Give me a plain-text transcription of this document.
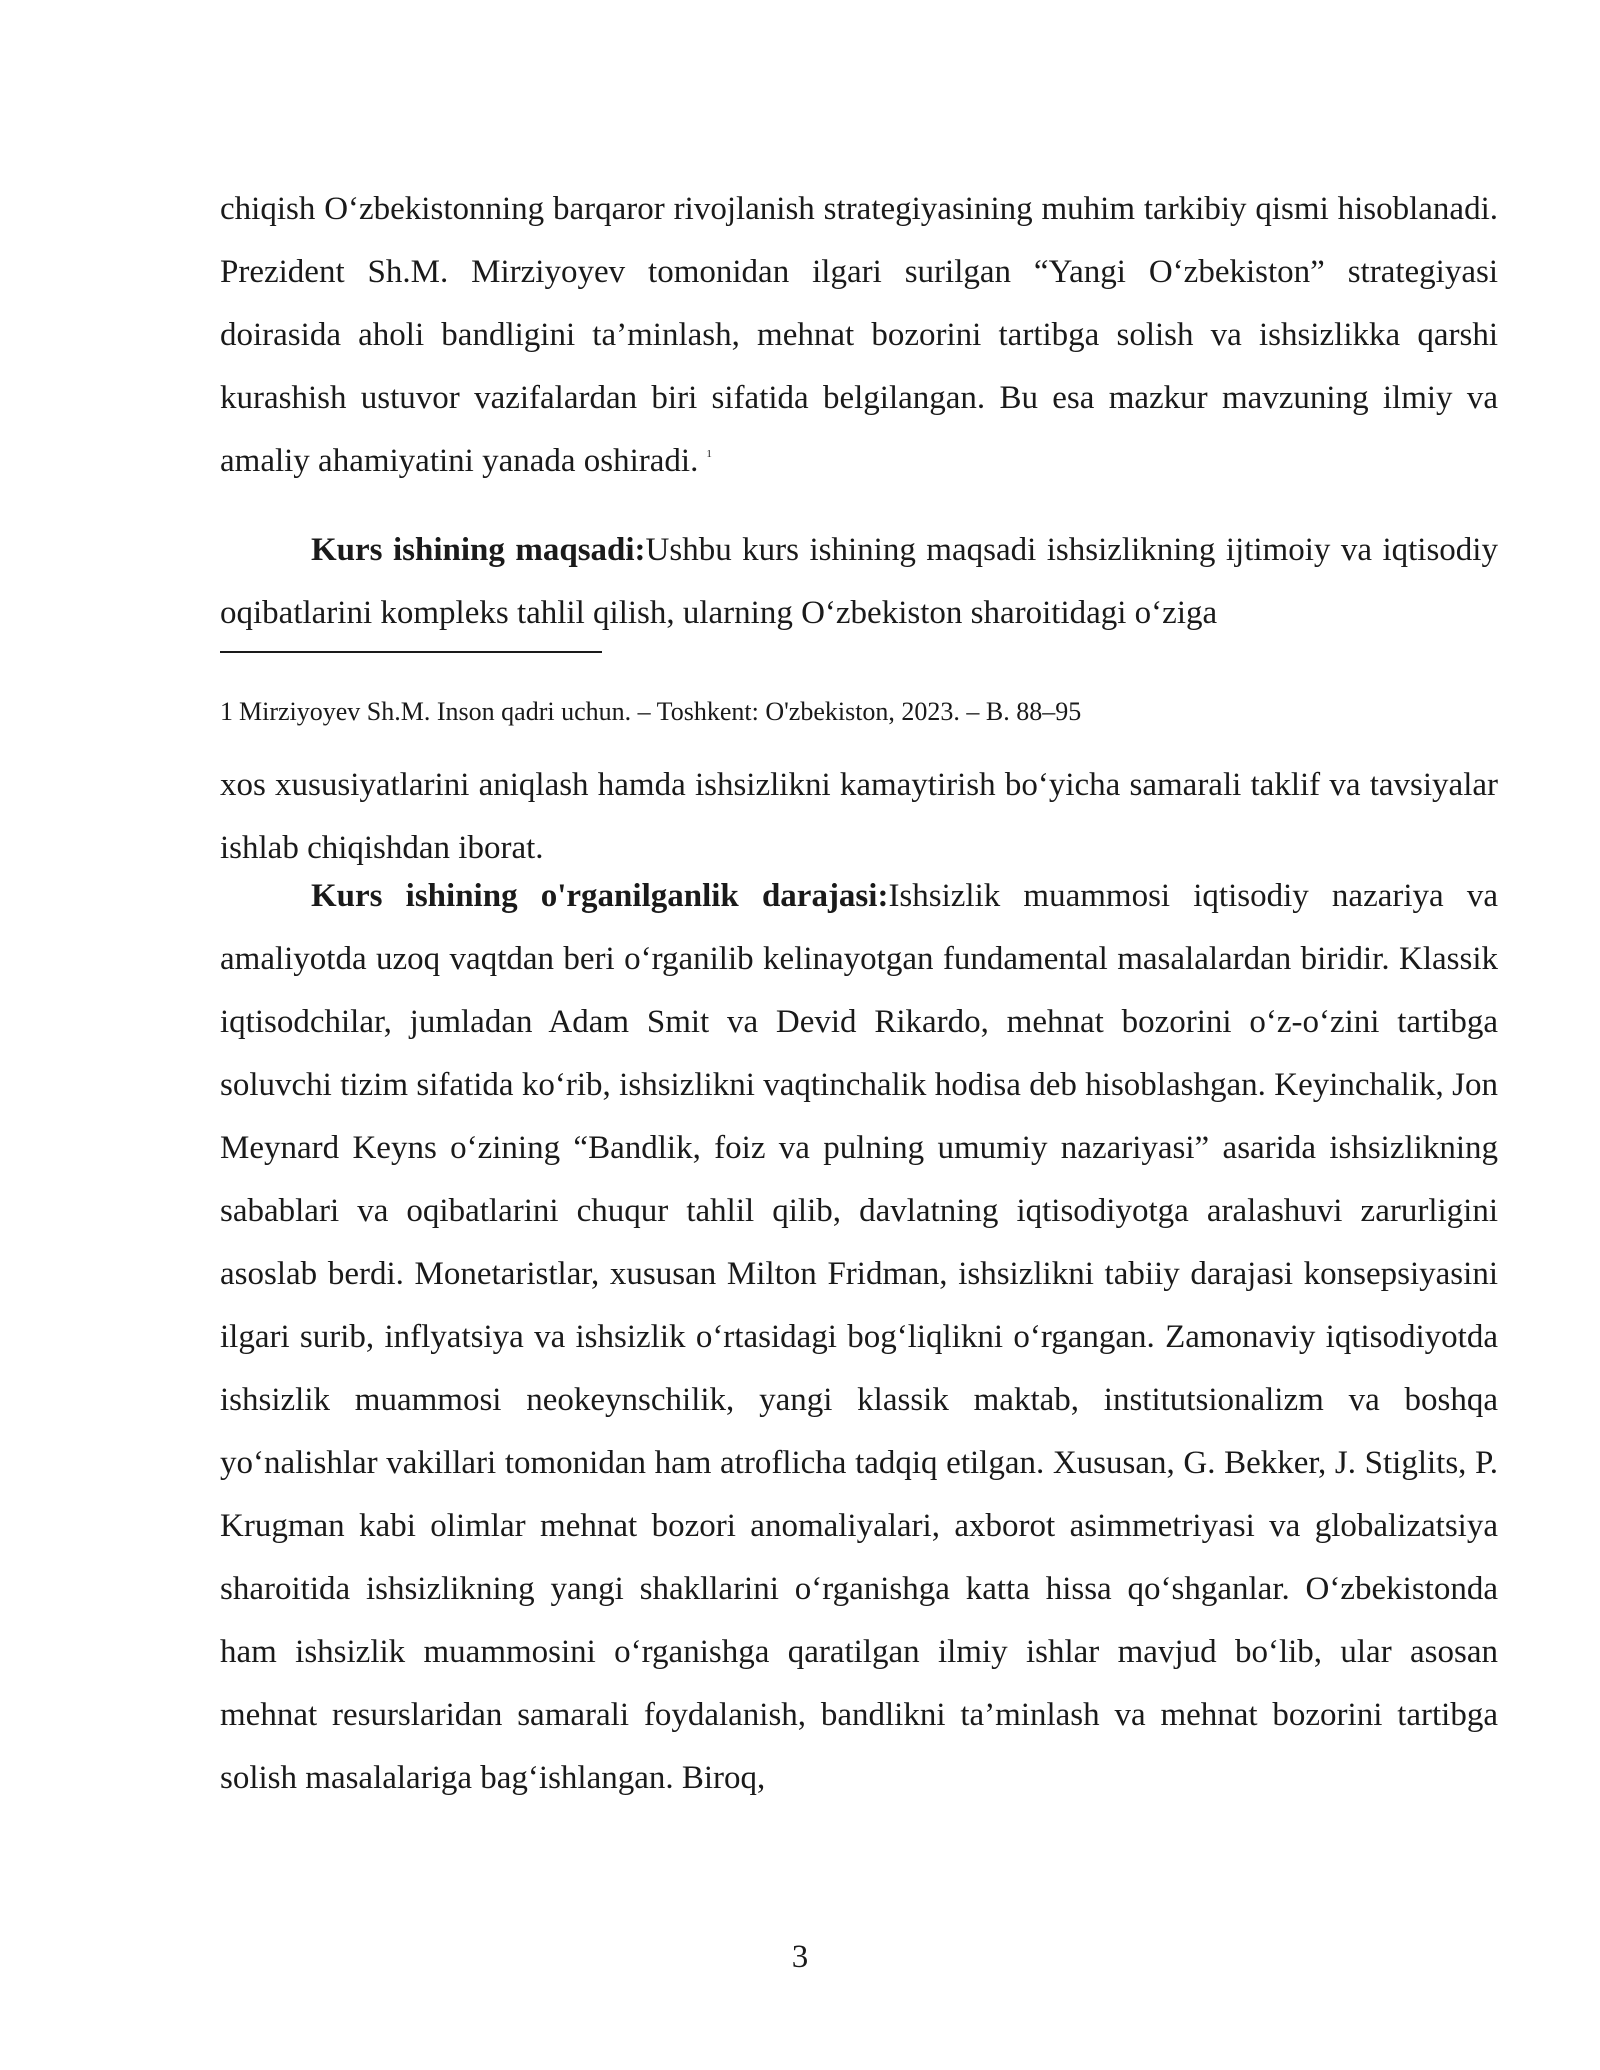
chiqish O‘zbekistonning barqaror rivojlanish strategiyasining muhim tarkibiy qismi hisoblanadi. Prezident Sh.M. Mirziyoyev tomonidan ilgari surilgan “Yangi O‘zbekiston” strategiyasi doirasida aholi bandligini ta’minlash, mehnat bozorini tartibga solish va ishsizlikka qarshi kurashish ustuvor vazifalardan biri sifatida belgilangan. Bu esa mazkur mavzuning ilmiy va amaliy ahamiyatini yanada oshiradi. $^1$

Kurs ishining maqsadi:Ushbu kurs ishining maqsadi ishsizlikning ijtimoiy va iqtisodiy oqibatlarini kompleks tahlil qilish, ularning O‘zbekiston sharoitidagi o‘ziga

1 Mirziyoyev Sh.M. Inson qadri uchun. – Toshkent: O'zbekiston, 2023. – B. 88–95

xos xususiyatlarini aniqlash hamda ishsizlikni kamaytirish bo‘yicha samarali taklif va tavsiyalar ishlab chiqishdan iborat.

Kurs ishining o'rganilganlik darajasi:Ishsizlik muammosi iqtisodiy nazariya va amaliyotda uzoq vaqtdan beri o‘rganilib kelinayotgan fundamental masalalardan biridir. Klassik iqtisodchilar, jumladan Adam Smit va Devid Rikardo, mehnat bozorini o‘z-o‘zini tartibga soluvchi tizim sifatida ko‘rib, ishsizlikni vaqtinchalik hodisa deb hisoblashgan. Keyinchalik, Jon Meynard Keyns o‘zining “Bandlik, foiz va pulning umumiy nazariyasi” asarida ishsizlikning sabablari va oqibatlarini chuqur tahlil qilib, davlatning iqtisodiyotga aralashuvi zarurligini asoslab berdi. Monetaristlar, xususan Milton Fridman, ishsizlikni tabiiy darajasi konsepsiyasini ilgari surib, inflyatsiya va ishsizlik o‘rtasidagi bog‘liqlikni o‘rgangan. Zamonaviy iqtisodiyotda ishsizlik muammosi neokeynschilik, yangi klassik maktab, institutsionalizm va boshqa yo‘nalishlar vakillari tomonidan ham atroflicha tadqiq etilgan. Xususan, G. Bekker, J. Stiglits, P. Krugman kabi olimlar mehnat bozori anomaliyalari, axborot asimmetriyasi va globalizatsiya sharoitida ishsizlikning yangi shakllarini o‘rganishga katta hissa qo‘shganlar. O‘zbekistonda ham ishsizlik muammosini o‘rganishga qaratilgan ilmiy ishlar mavjud bo‘lib, ular asosan mehnat resurslaridan samarali foydalanish, bandlikni ta’minlash va mehnat bozorini tartibga solish masalalariga bag‘ishlangan. Biroq,

3
